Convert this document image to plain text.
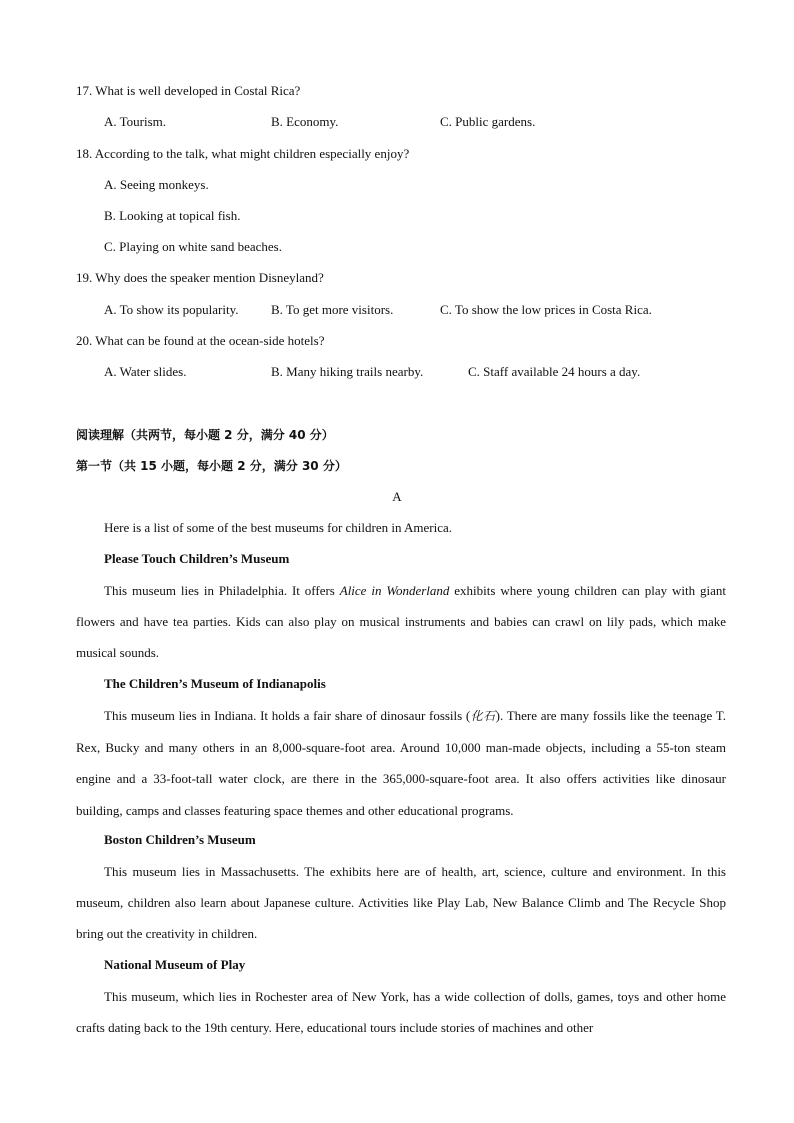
17. What is well developed in Costal Rica?
A. Tourism.	B. Economy.	C. Public gardens.
18. According to the talk, what might children especially enjoy?
A. Seeing monkeys.
B. Looking at topical fish.
C. Playing on white sand beaches.
19. Why does the speaker mention Disneyland?
A. To show its popularity. B. To get more visitors.	C. To show the low prices in Costa Rica.
20. What can be found at the ocean-side hotels?
A. Water slides.	B. Many hiking trails nearby.	C. Staff available 24 hours a day.
阅读理解（共两节，每小题 2 分，满分 40 分）
第一节（共 15 小题，每小题 2 分，满分 30 分）
A
Here is a list of some of the best museums for children in America.
Please Touch Children’s Museum
This museum lies in Philadelphia. It offers Alice in Wonderland exhibits where young children can play with giant flowers and have tea parties. Kids can also play on musical instruments and babies can crawl on lily pads, which make musical sounds.
The Children’s Museum of Indianapolis
This museum lies in Indiana. It holds a fair share of dinosaur fossils (化石). There are many fossils like the teenage T. Rex, Bucky and many others in an 8,000-square-foot area. Around 10,000 man-made objects, including a 55-ton steam engine and a 33-foot-tall water clock, are there in the 365,000-square-foot area. It also offers activities like dinosaur building, camps and classes featuring space themes and other educational programs.
Boston Children’s Museum
This museum lies in Massachusetts. The exhibits here are of health, art, science, culture and environment. In this museum, children also learn about Japanese culture. Activities like Play Lab, New Balance Climb and The Recycle Shop bring out the creativity in children.
National Museum of Play
This museum, which lies in Rochester area of New York, has a wide collection of dolls, games, toys and other home crafts dating back to the 19th century. Here, educational tours include stories of machines and other
